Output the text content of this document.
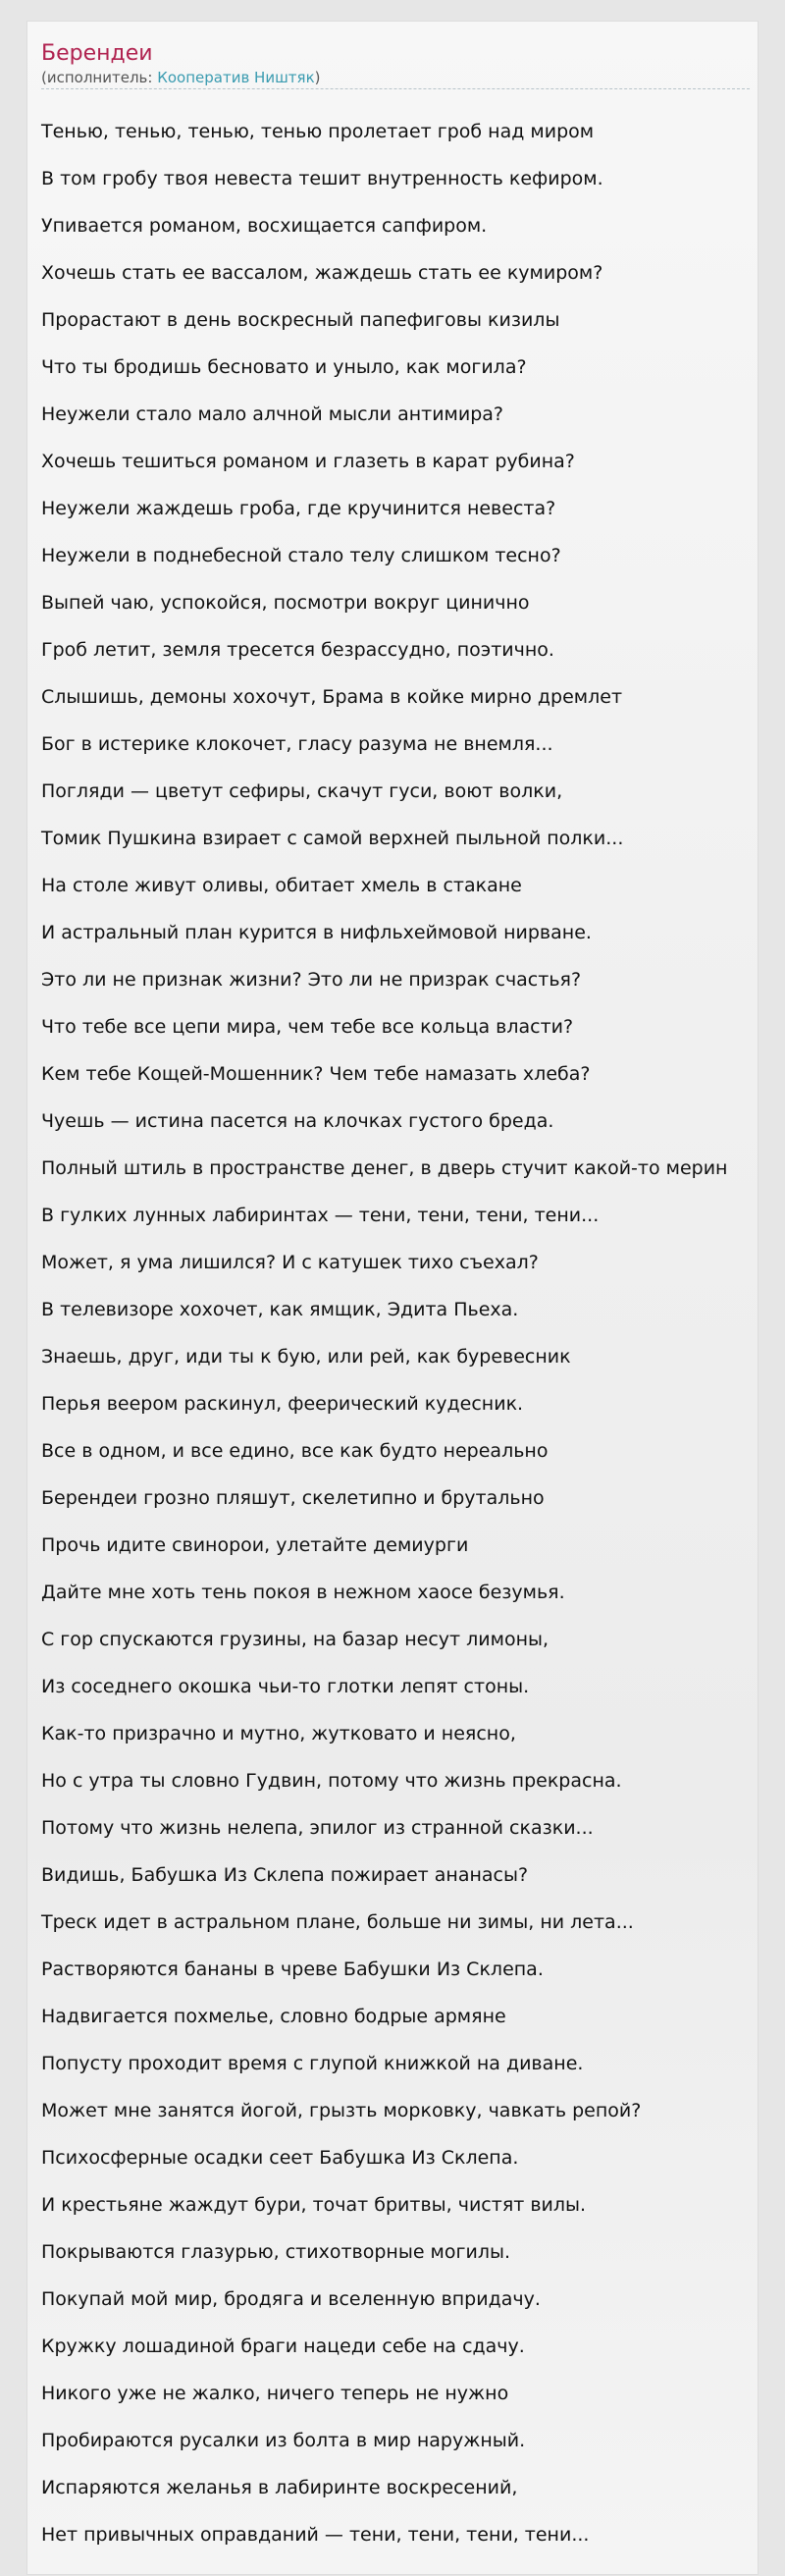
Берендеи
(исполнитель: Кооператив Ништяк)
Тенью, тенью, тенью, тенью пролетает гроб над миром
В том гробу твоя невеста тешит внутренность кефиром.
Упивается романом, восхищается сапфиром.
Хочешь стать ее вассалом, жаждешь стать ее кумиром?
Прорастают в день воскресный папефиговы кизилы
Что ты бродишь бесновато и уныло, как могила?
Неужели стало мало алчной мысли антимира?
Хочешь тешиться романом и глазеть в карат рубина?
Неужели жаждешь гроба, где кручинится невеста?
Неужели в поднебесной стало телу слишком тесно?
Выпей чаю, успокойся, посмотри вокруг цинично
Гроб летит, земля тресется безрассудно, поэтично.
Слышишь, демоны хохочут, Брама в койке мирно дремлет
Бог в истерике клокочет, гласу разума не внемля...
Погляди — цветут сефиры, скачут гуси, воют волки,
Томик Пушкина взирает с самой верхней пыльной полки...
На столе живут оливы, обитает хмель в стакане
И астральный план курится в нифльхеймовой нирване.
Это ли не признак жизни? Это ли не призрак счастья?
Что тебе все цепи мира, чем тебе все кольца власти?
Кем тебе Кощей-Мошенник? Чем тебе намазать хлеба?
Чуешь — истина пасется на клочках густого бреда.
Полный штиль в пространстве денег, в дверь стучит какой-то мерин
В гулких лунных лабиринтах — тени, тени, тени, тени...
Может, я ума лишился? И с катушек тихо съехал?
В телевизоре хохочет, как ямщик, Эдита Пьеха.
Знаешь, друг, иди ты к бую, или рей, как буревесник
Перья веером раскинул, феерический кудесник.
Все в одном, и все едино, все как будто нереально
Берендеи грозно пляшут, скелетипно и брутально
Прочь идите свинорои, улетайте демиурги
Дайте мне хоть тень покоя в нежном хаосе безумья.
С гор спускаются грузины, на базар несут лимоны,
Из соседнего окошка чьи-то глотки лепят стоны.
Как-то призрачно и мутно, жутковато и неясно,
Но с утра ты словно Гудвин, потому что жизнь прекрасна.
Потому что жизнь нелепа, эпилог из странной сказки...
Видишь, Бабушка Из Склепа пожирает ананасы?
Треск идет в астральном плане, больше ни зимы, ни лета...
Растворяются бананы в чреве Бабушки Из Склепа.
Надвигается похмелье, словно бодрые армяне
Попусту проходит время с глупой книжкой на диване.
Может мне занятся йогой, грызть морковку, чавкать репой?
Психосферные осадки сеет Бабушка Из Склепа.
И крестьяне жаждут бури, точат бритвы, чистят вилы.
Покрываются глазурью, стихотворные могилы.
Покупай мой мир, бродяга и вселенную впридачу.
Кружку лошадиной браги нацеди себе на сдачу.
Никого уже не жалко, ничего теперь не нужно
Пробираются русалки из болта в мир наружный.
Испаряются желанья в лабиринте воскресений,
Нет привычных оправданий — тени, тени, тени, тени...
